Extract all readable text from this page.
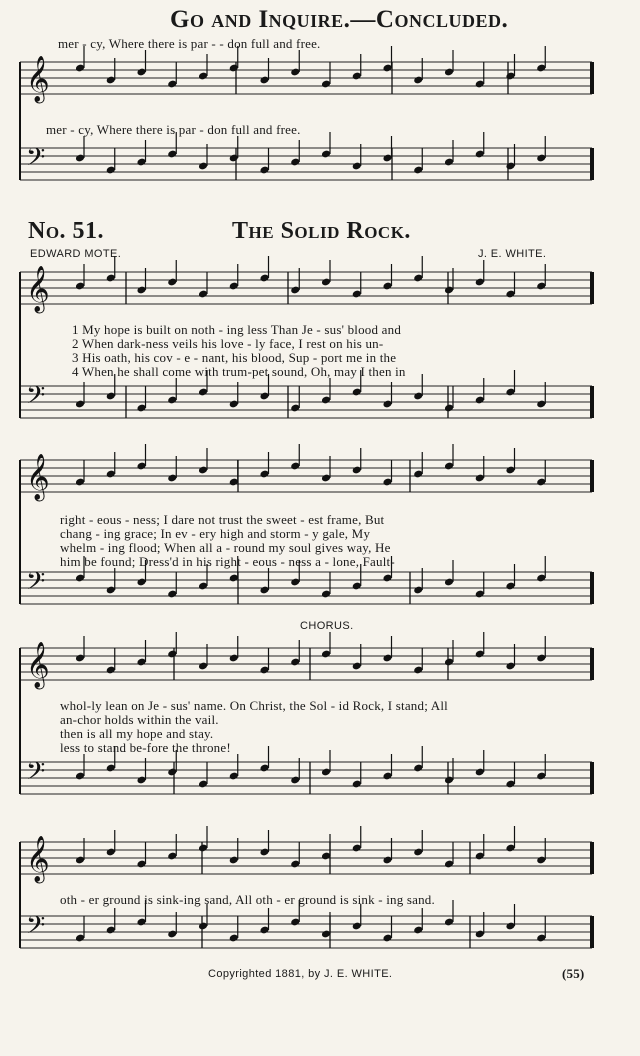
𝄞
𝄢
𝄞
𝄢
𝄞
𝄢
𝄞
𝄢
𝄞
𝄢
Go and Inquire.—Concluded.
mer - cy, Where there is par - - don full and free.
mer - cy, Where there is par - don full and free.
No. 51.	The Solid Rock.
EDWARD MOTE.	J. E. WHITE.
1 My hope is built on noth - ing less Than Je - sus' blood and
2 When dark-ness veils his love - ly face, I rest on his un-
3 His oath, his cov - e - nant, his blood, Sup - port me in the
4 When he shall come with trum-pet sound, Oh, may I then in
right - eous - ness; I dare not trust the sweet - est frame, But
chang - ing grace; In ev - ery high and storm - y gale, My
whelm - ing flood; When all a - round my soul gives way, He
him be found; Dress'd in his right - eous - ness a - lone, Fault-
CHORUS.
whol-ly lean on Je - sus' name. On Christ, the Sol - id Rock, I stand; All
an-chor holds within the vail.
then is all my hope and stay.
less to stand be-fore the throne!
oth - er ground is sink-ing sand, All oth - er ground is sink - ing sand.
Copyrighted 1881, by J. E. WHITE.	(55)
